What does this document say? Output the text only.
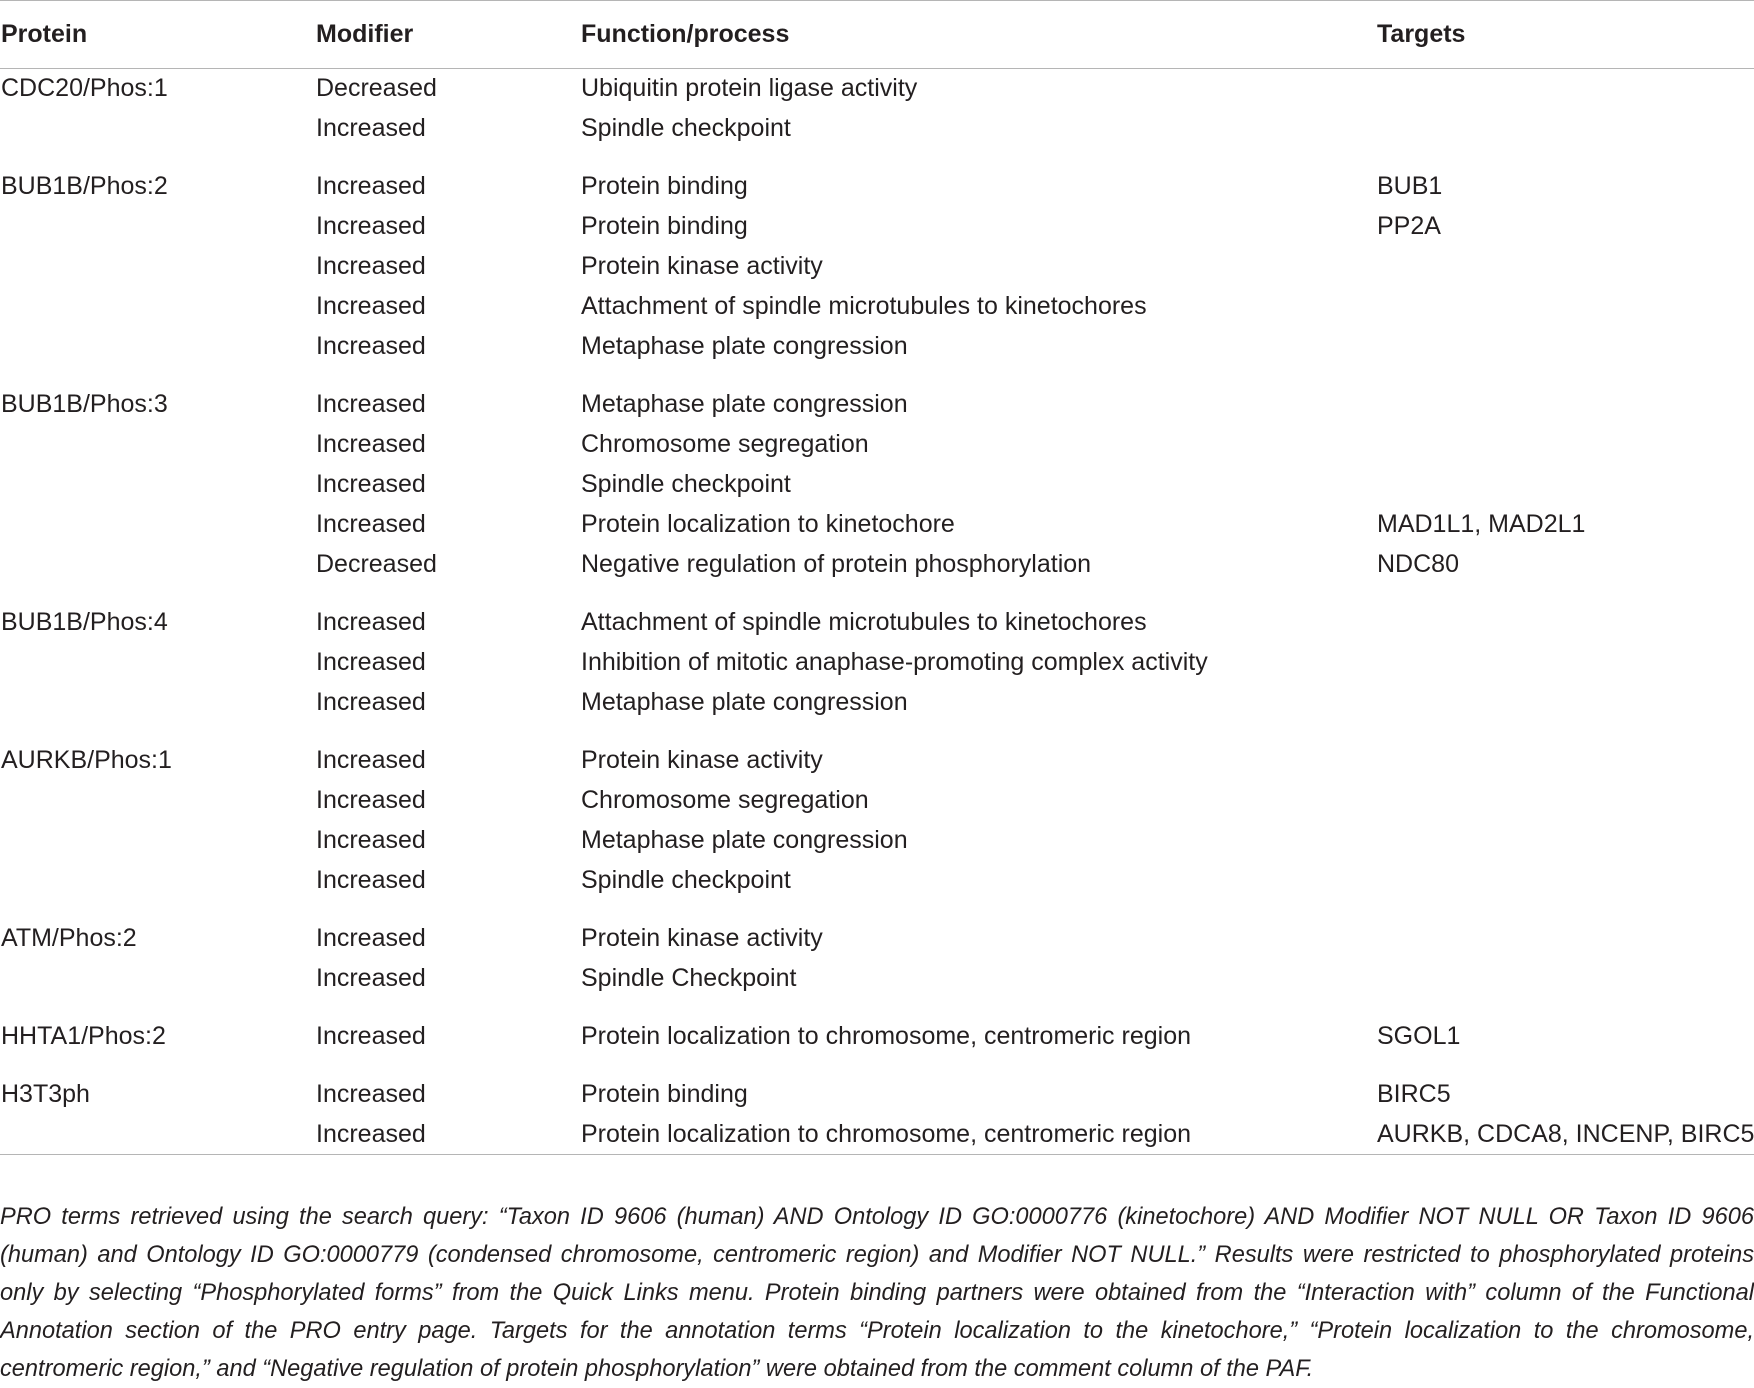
Protein	Modifier	Function/process	Targets
CDC20/Phos:1	Decreased	Ubiquitin protein ligase activity	
	Increased	Spindle checkpoint	
BUB1B/Phos:2	Increased	Protein binding	BUB1
	Increased	Protein binding	PP2A
	Increased	Protein kinase activity	
	Increased	Attachment of spindle microtubules to kinetochores	
	Increased	Metaphase plate congression	
BUB1B/Phos:3	Increased	Metaphase plate congression	
	Increased	Chromosome segregation	
	Increased	Spindle checkpoint	
	Increased	Protein localization to kinetochore	MAD1L1, MAD2L1
	Decreased	Negative regulation of protein phosphorylation	NDC80
BUB1B/Phos:4	Increased	Attachment of spindle microtubules to kinetochores	
	Increased	Inhibition of mitotic anaphase-promoting complex activity	
	Increased	Metaphase plate congression	
AURKB/Phos:1	Increased	Protein kinase activity	
	Increased	Chromosome segregation	
	Increased	Metaphase plate congression	
	Increased	Spindle checkpoint	
ATM/Phos:2	Increased	Protein kinase activity	
	Increased	Spindle Checkpoint	
HHTA1/Phos:2	Increased	Protein localization to chromosome, centromeric region	SGOL1
H3T3ph	Increased	Protein binding	BIRC5
	Increased	Protein localization to chromosome, centromeric region	AURKB, CDCA8, INCENP, BIRC5

PRO terms retrieved using the search query: “Taxon ID 9606 (human) AND Ontology ID GO:0000776 (kinetochore) AND Modifier NOT NULL OR Taxon ID 9606
(human) and Ontology ID GO:0000779 (condensed chromosome, centromeric region) and Modifier NOT NULL.” Results were restricted to phosphorylated proteins
only by selecting “Phosphorylated forms” from the Quick Links menu. Protein binding partners were obtained from the “Interaction with” column of the Functional
Annotation section of the PRO entry page. Targets for the annotation terms “Protein localization to the kinetochore,” “Protein localization to the chromosome,
centromeric region,” and “Negative regulation of protein phosphorylation” were obtained from the comment column of the PAF.
